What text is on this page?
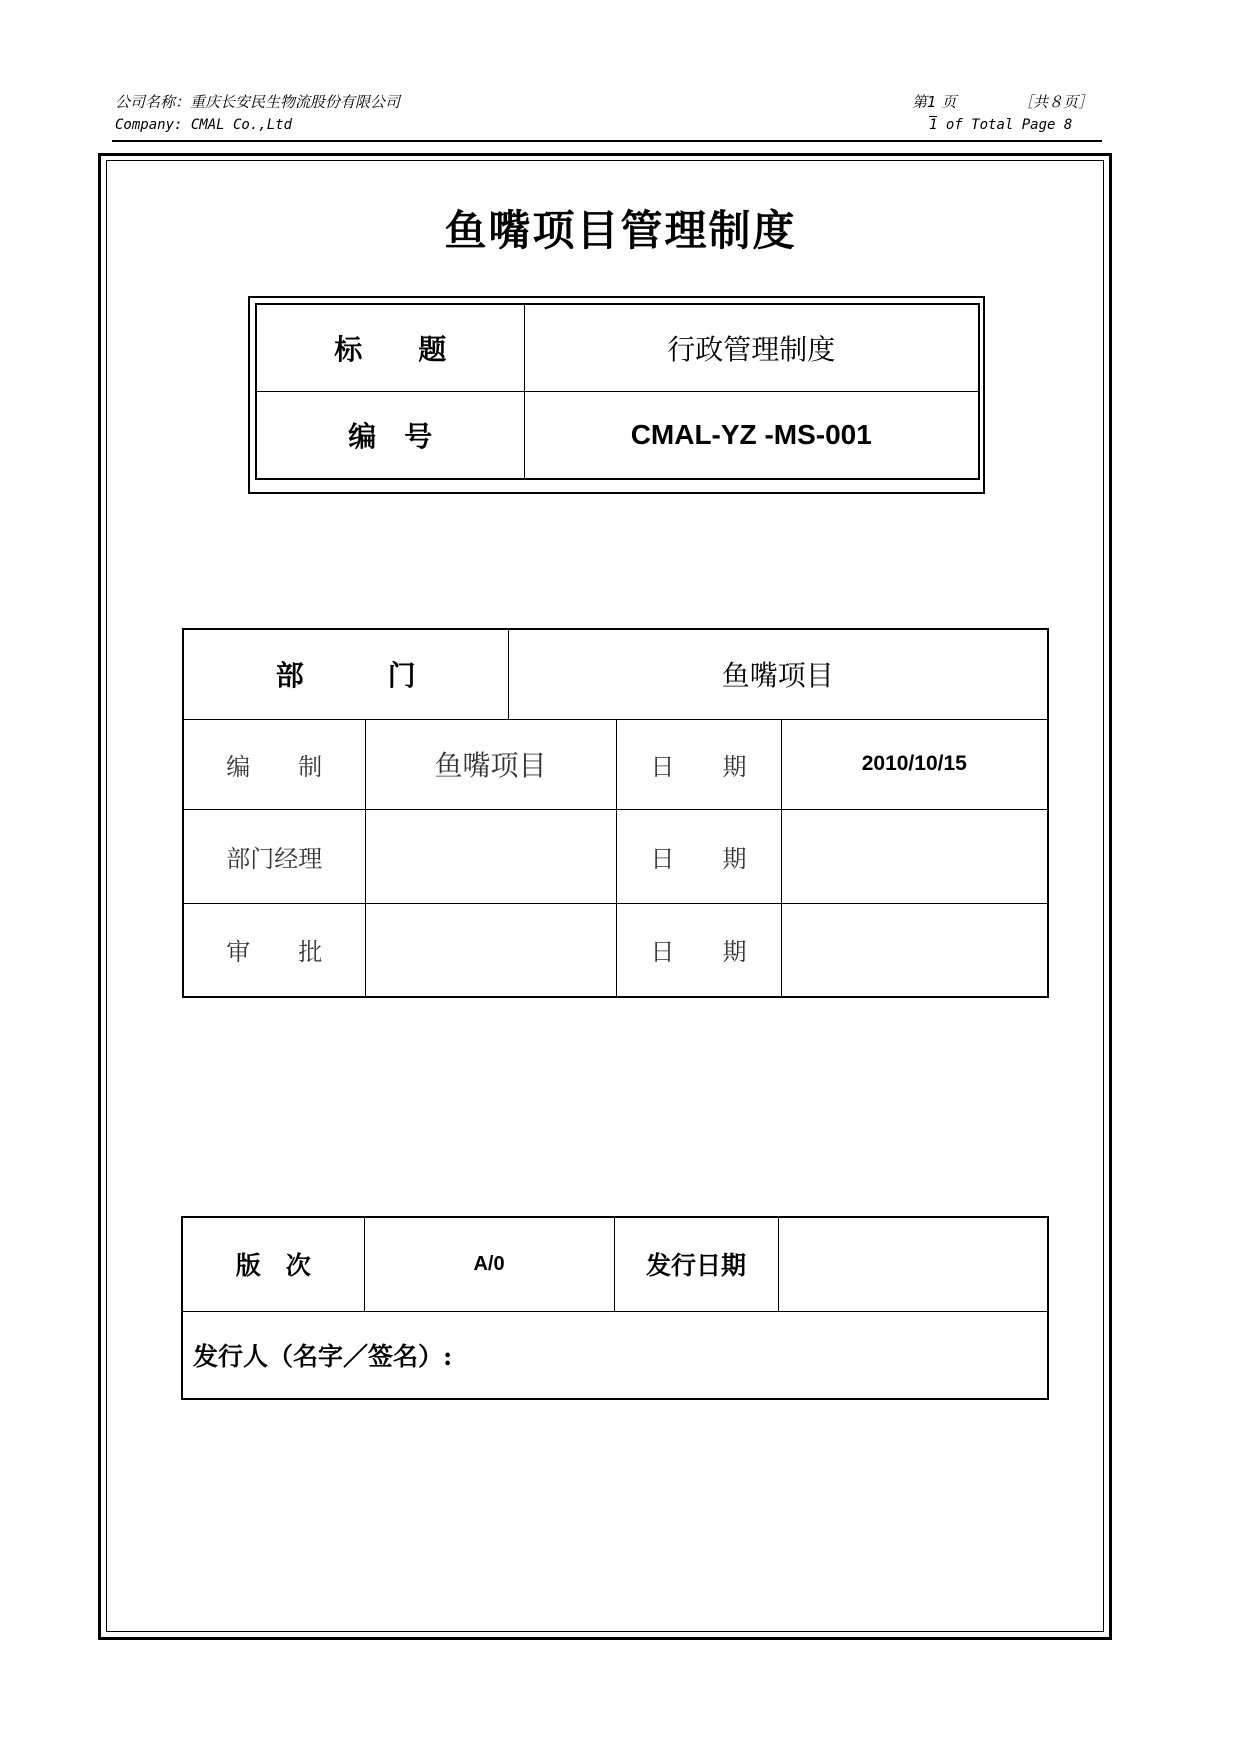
公司名称：重庆长安民生物流股份有限公司
Company: CMAL Co.,Ltd
第1 页	［共８页］
1 of Total Page 8
鱼嘴项目管理制度
标　　题	行政管理制度
编　号	CMAL-YZ -MS-001
部　　　门		鱼嘴项目		
编　　制	鱼嘴项目		日　　期	2010/10/15
部门经理			日　　期	
审　　批			日　　期	
版　次	A/0	发行日期	
发行人（名字／签名）:
